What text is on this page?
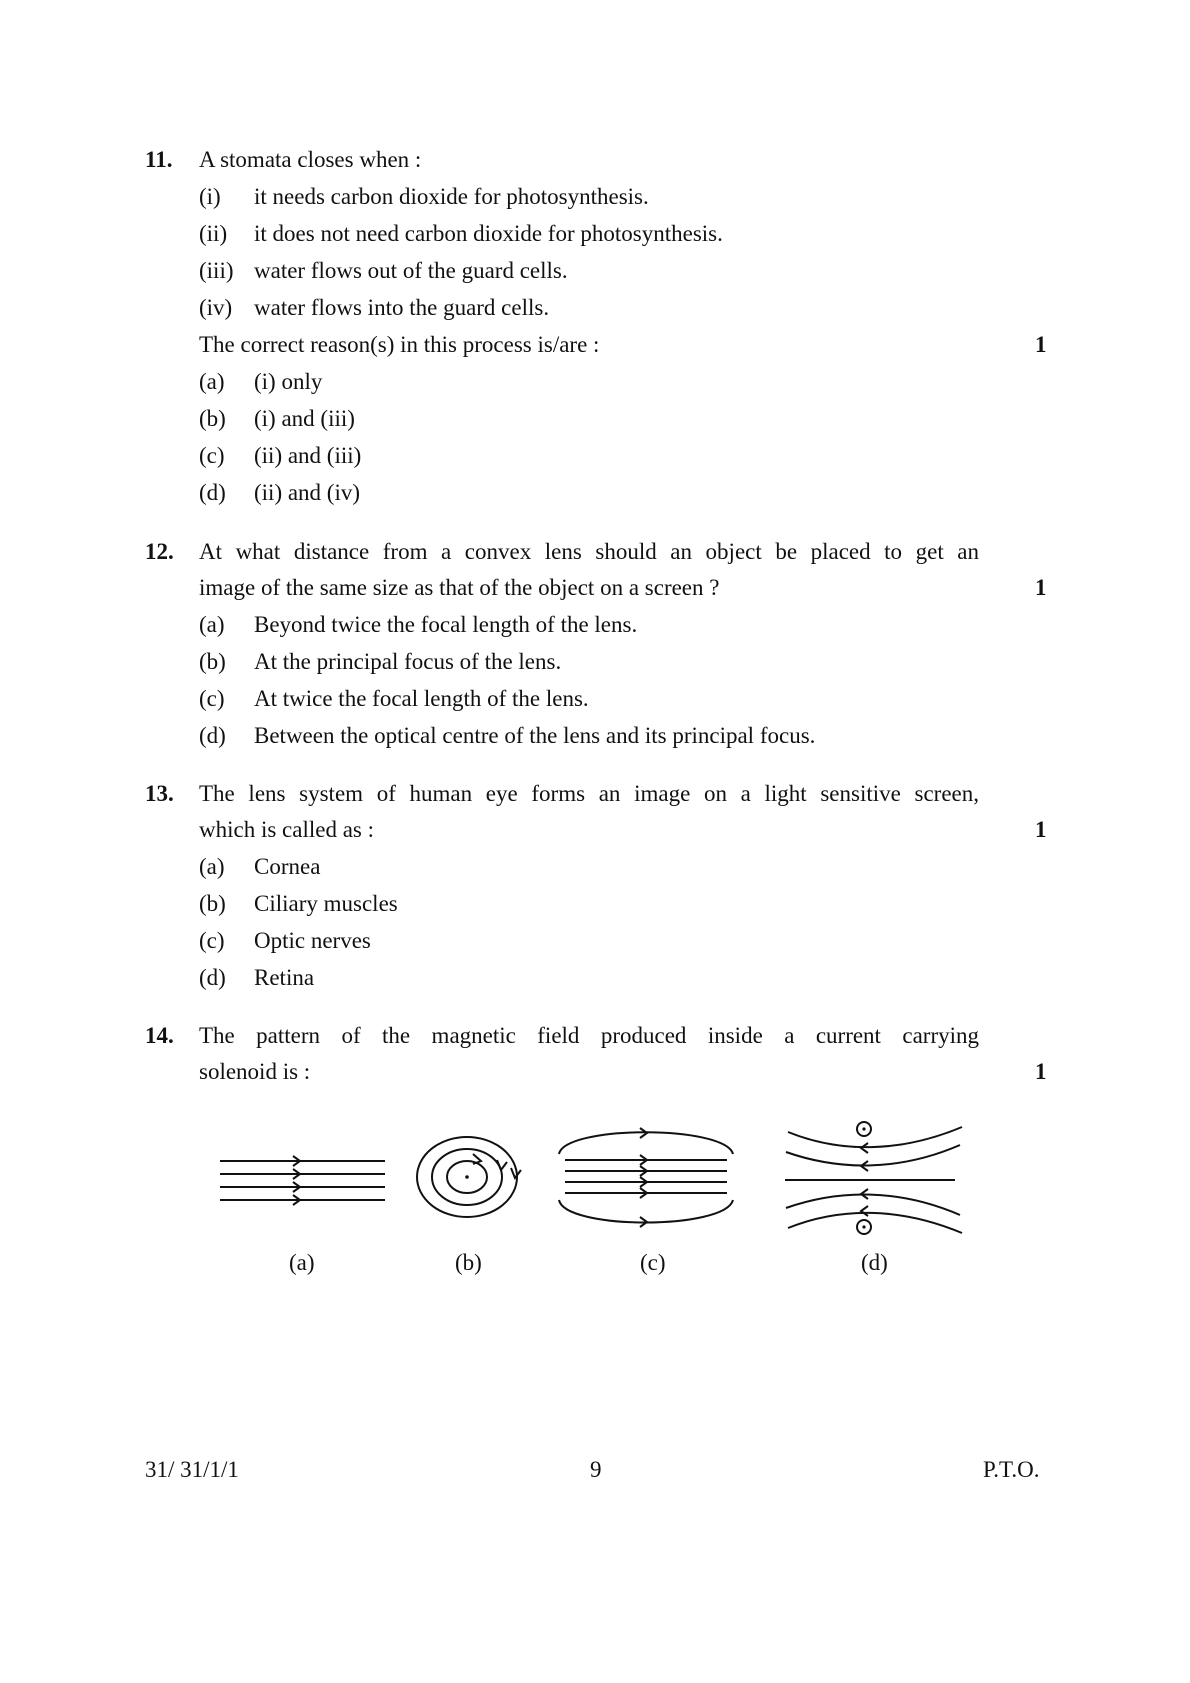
11. A stomata closes when :
(i) it needs carbon dioxide for photosynthesis.
(ii) it does not need carbon dioxide for photosynthesis.
(iii) water flows out of the guard cells.
(iv) water flows into the guard cells.
The correct reason(s) in this process is/are :	1
(a) (i) only
(b) (i) and (iii)
(c) (ii) and (iii)
(d) (ii) and (iv)
12. At what distance from a convex lens should an object be placed to get an
image of the same size as that of the object on a screen ?	1
(a) Beyond twice the focal length of the lens.
(b) At the principal focus of the lens.
(c) At twice the focal length of the lens.
(d) Between the optical centre of the lens and its principal focus.
13. The lens system of human eye forms an image on a light sensitive screen,
which is called as :	1
(a) Cornea
(b) Ciliary muscles
(c) Optic nerves
(d) Retina
14. The pattern of the magnetic field produced inside a current carrying
solenoid is :	1
(a)	(b)	(c)	(d)
31/ 31/1/1	9	P.T.O.
